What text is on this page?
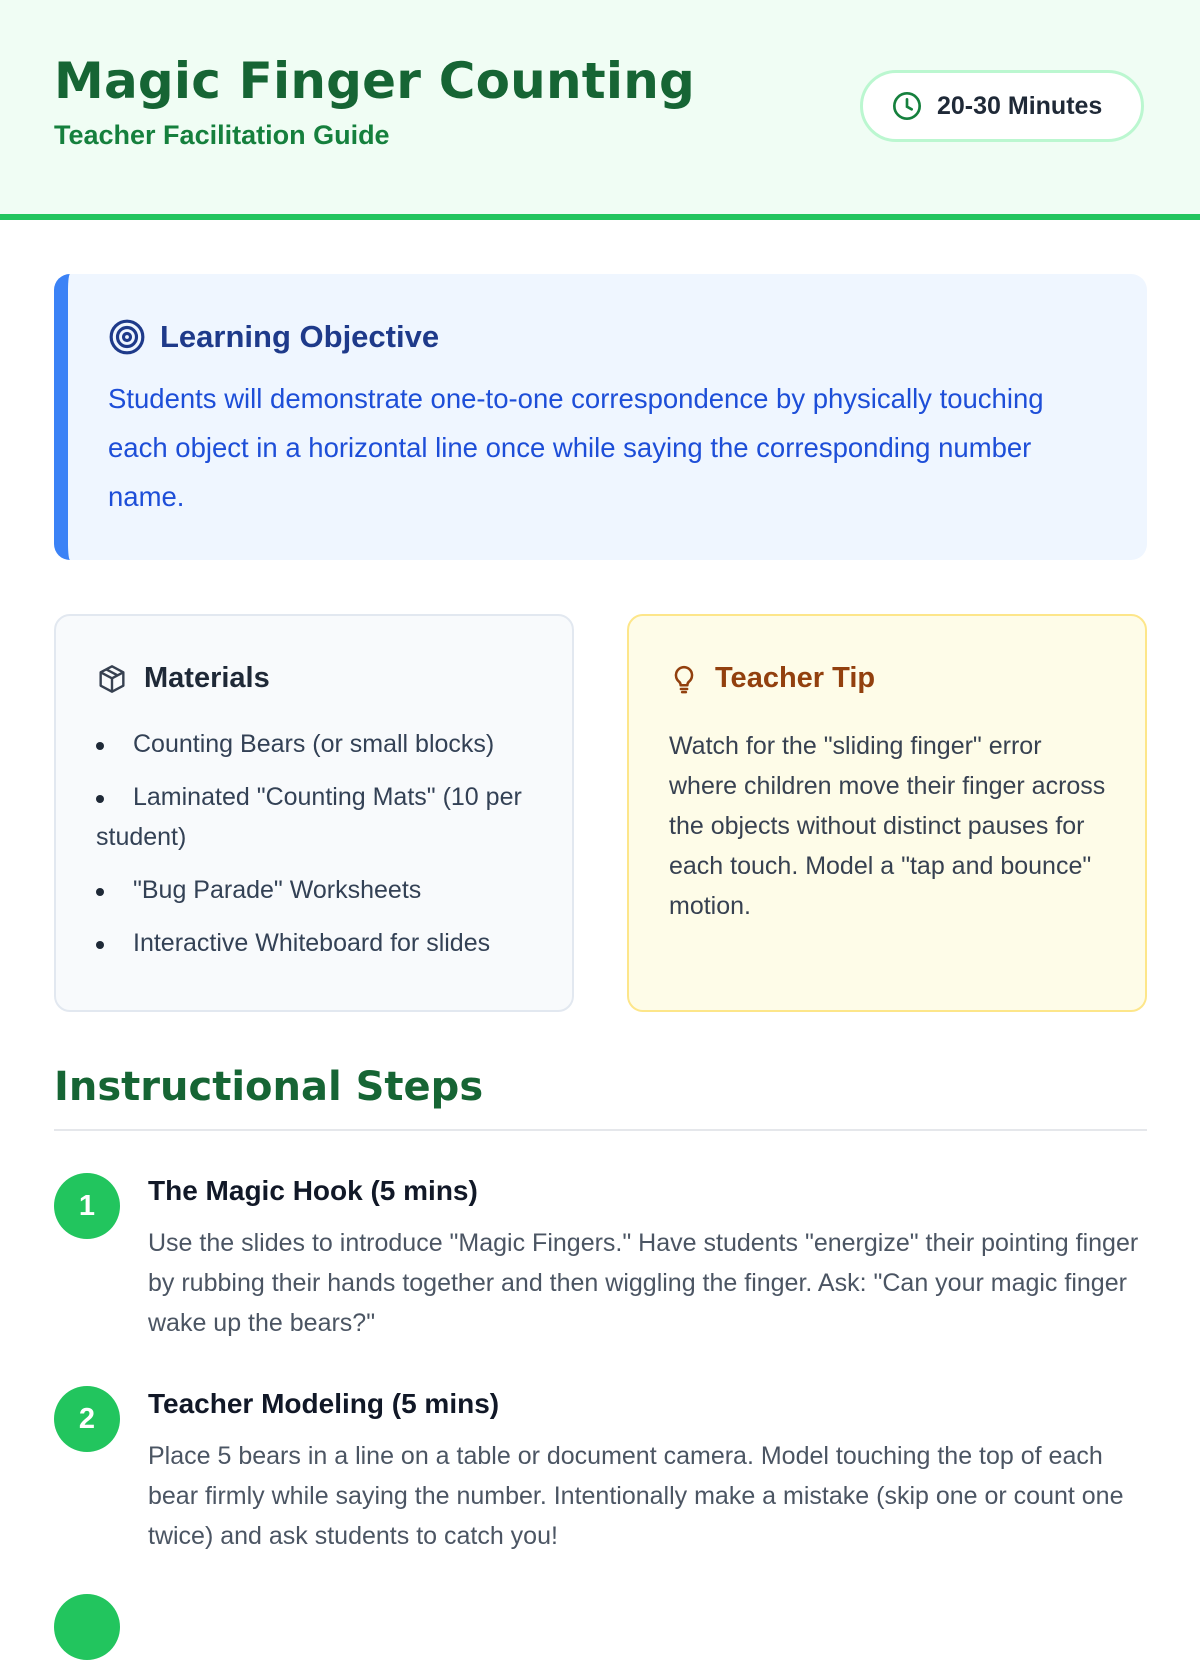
Magic Finger Counting
Teacher Facilitation Guide
20-30 Minutes
Learning Objective
Students will demonstrate one-to-one correspondence by physically touching each object in a horizontal line once while saying the corresponding number name.
Materials
Counting Bears (or small blocks)
Laminated "Counting Mats" (10 per student)
"Bug Parade" Worksheets
Interactive Whiteboard for slides
Teacher Tip
Watch for the "sliding finger" error where children move their finger across the objects without distinct pauses for each touch. Model a "tap and bounce" motion.
Instructional Steps
1	The Magic Hook (5 mins)
Use the slides to introduce "Magic Fingers." Have students "energize" their pointing finger by rubbing their hands together and then wiggling the finger. Ask: "Can your magic finger wake up the bears?"
2	Teacher Modeling (5 mins)
Place 5 bears in a line on a table or document camera. Model touching the top of each bear firmly while saying the number. Intentionally make a mistake (skip one or count one twice) and ask students to catch you!
